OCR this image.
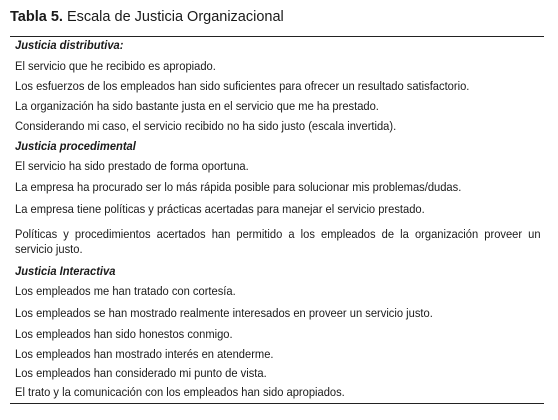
Tabla 5. Escala de Justicia Organizacional
Justicia distributiva:
El servicio que he recibido es apropiado.
Los esfuerzos de los empleados han sido suficientes para ofrecer un resultado satisfactorio.
La organización ha sido bastante justa en el servicio que me ha prestado.
Considerando mi caso, el servicio recibido no ha sido justo (escala invertida).
Justicia procedimental
El servicio ha sido prestado de forma oportuna.
La empresa ha procurado ser lo más rápida posible para solucionar mis problemas/dudas.
La empresa tiene políticas y prácticas acertadas para manejar el servicio prestado.
Políticas y procedimientos acertados han permitido a los empleados de la organización proveer un servicio justo.
Justicia Interactiva
Los empleados me han tratado con cortesía.
Los empleados se han mostrado realmente interesados en proveer un servicio justo.
Los empleados han sido honestos conmigo.
Los empleados han mostrado interés en atenderme.
Los empleados han considerado mi punto de vista.
El trato y la comunicación con los empleados han sido apropiados.
